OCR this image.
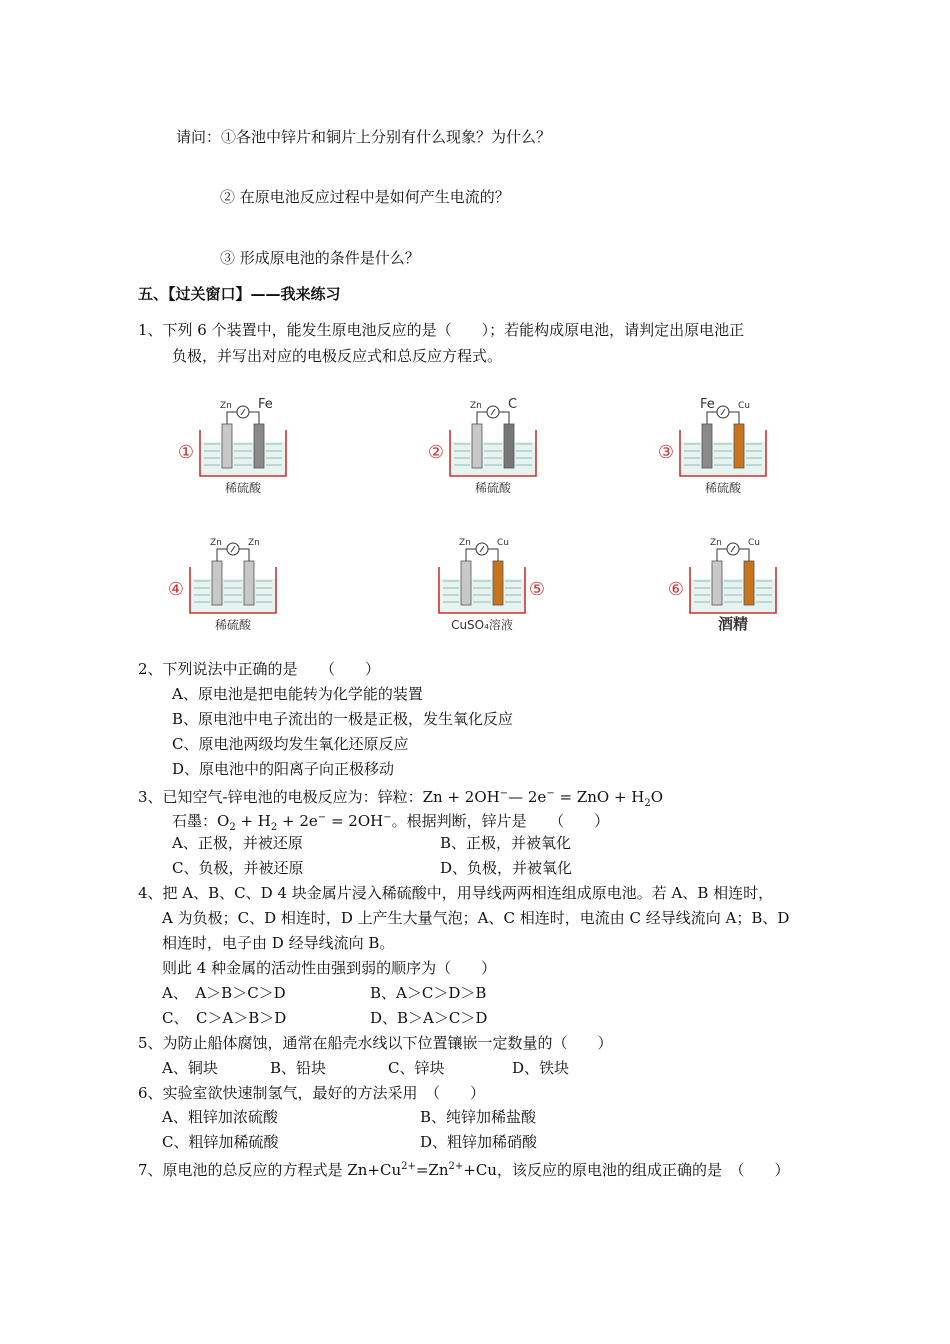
请问：①各池中锌片和铜片上分别有什么现象？为什么？
② 在原电池反应过程中是如何产生电流的？
③ 形成原电池的条件是什么？
五、【过关窗口】——我来练习
1、下列 6 个装置中，能发生原电池反应的是（　　）；若能构成原电池，请判定出原电池正
负极，并写出对应的电极反应式和总反应方程式。
Zn Fe
①
稀硫酸
Zn C
②
稀硫酸
Fe	Cu
③
稀硫酸
Zn	Zn
④
稀硫酸
Zn	Cu
⑤
CuSO₄溶液
Zn	Cu
⑥
酒精
2、下列说法中正确的是　　（　　）
A、原电池是把电能转为化学能的装置
B、原电池中电子流出的一极是正极，发生氧化反应
C、原电池两级均发生氧化还原反应
D、原电池中的阳离子向正极移动
3、已知空气-锌电池的电极反应为：锌粒：Zn + 2OH−— 2e− = ZnO + $H_2O$
石墨：$O_2 + H_2 + 2e^- = 2OH^-$。根据判断，锌片是　　（　　）
A、正极，并被还原	B、正极，并被氧化
C、负极，并被还原	D、负极，并被氧化
4、把 A、B、C、D 4 块金属片浸入稀硫酸中，用导线两两相连组成原电池。若 A、B 相连时，
A 为负极；C、D 相连时，D 上产生大量气泡；A、C 相连时，电流由 C 经导线流向 A；B、D
相连时，电子由 D 经导线流向 B。
则此 4 种金属的活动性由强到弱的顺序为（　　）
A、　A＞B＞C＞D	B、A＞C＞D＞B
C、　C＞A＞B＞D	D、B＞A＞C＞D
5、为防止船体腐蚀，通常在船壳水线以下位置镶嵌一定数量的（　　）
A、铜块	B、铅块	C、锌块	D、铁块
6、实验室欲快速制氢气，最好的方法采用　（　　）
A、粗锌加浓硫酸	B、纯锌加稀盐酸
C、粗锌加稀硫酸	D、粗锌加稀硝酸
7、原电池的总反应的方程式是 $Zn+Cu^{2+}=Zn^{2+}+Cu$，该反应的原电池的组成正确的是　（　　）
